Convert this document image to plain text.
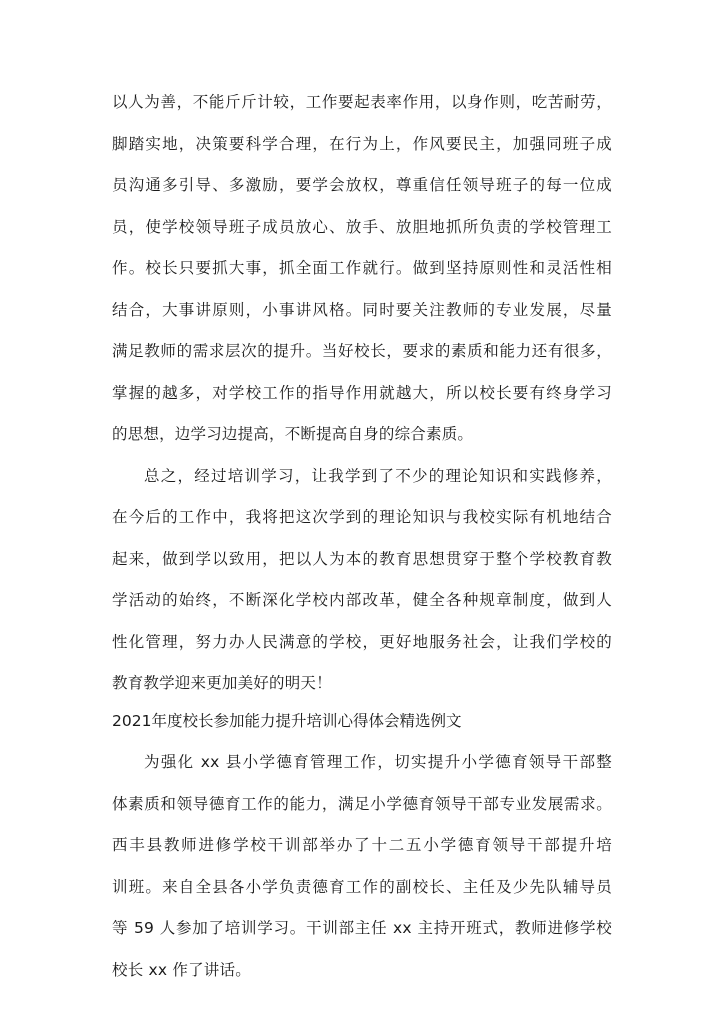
以人为善，不能斤斤计较，工作要起表率作用，以身作则，吃苦耐劳，
脚踏实地，决策要科学合理，在行为上，作风要民主，加强同班子成
员沟通多引导、多激励，要学会放权，尊重信任领导班子的每一位成
员，使学校领导班子成员放心、放手、放胆地抓所负责的学校管理工
作。校长只要抓大事，抓全面工作就行。做到坚持原则性和灵活性相
结合，大事讲原则，小事讲风格。同时要关注教师的专业发展，尽量
满足教师的需求层次的提升。当好校长，要求的素质和能力还有很多，
掌握的越多，对学校工作的指导作用就越大，所以校长要有终身学习
的思想，边学习边提高，不断提高自身的综合素质。
总之，经过培训学习，让我学到了不少的理论知识和实践修养，
在今后的工作中，我将把这次学到的理论知识与我校实际有机地结合
起来，做到学以致用，把以人为本的教育思想贯穿于整个学校教育教
学活动的始终，不断深化学校内部改革，健全各种规章制度，做到人
性化管理，努力办人民满意的学校，更好地服务社会，让我们学校的
教育教学迎来更加美好的明天！
2021年度校长参加能力提升培训心得体会精选例文
为强化 xx 县小学德育管理工作，切实提升小学德育领导干部整
体素质和领导德育工作的能力，满足小学德育领导干部专业发展需求。
西丰县教师进修学校干训部举办了十二五小学德育领导干部提升培
训班。来自全县各小学负责德育工作的副校长、主任及少先队辅导员
等 59 人参加了培训学习。干训部主任 xx 主持开班式，教师进修学校
校长 xx 作了讲话。
